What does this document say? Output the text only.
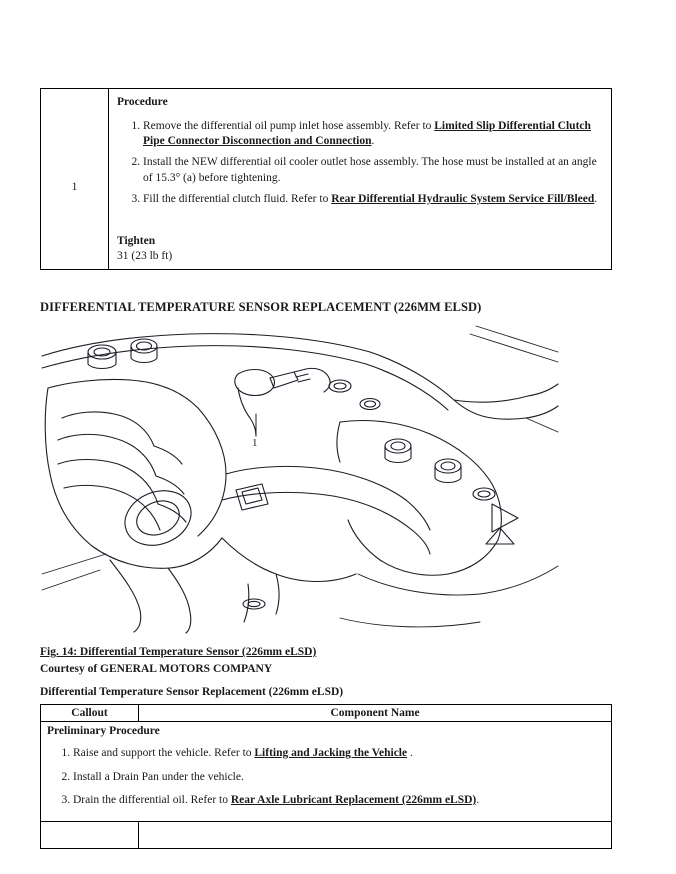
1
Procedure
1. Remove the differential oil pump inlet hose assembly. Refer to Limited Slip Differential Clutch Pipe Connector Disconnection and Connection.
2. Install the NEW differential oil cooler outlet hose assembly. The hose must be installed at an angle of 15.3° (a) before tightening.
3. Fill the differential clutch fluid. Refer to Rear Differential Hydraulic System Service Fill/Bleed.
Tighten
31 (23 lb ft)
DIFFERENTIAL TEMPERATURE SENSOR REPLACEMENT (226MM ELSD)
1
Fig. 14: Differential Temperature Sensor (226mm eLSD)
Courtesy of GENERAL MOTORS COMPANY
Differential Temperature Sensor Replacement (226mm eLSD)
Callout	Component Name
Preliminary Procedure
1. Raise and support the vehicle. Refer to Lifting and Jacking the Vehicle .
2. Install a Drain Pan under the vehicle.
3. Drain the differential oil. Refer to Rear Axle Lubricant Replacement (226mm eLSD).
